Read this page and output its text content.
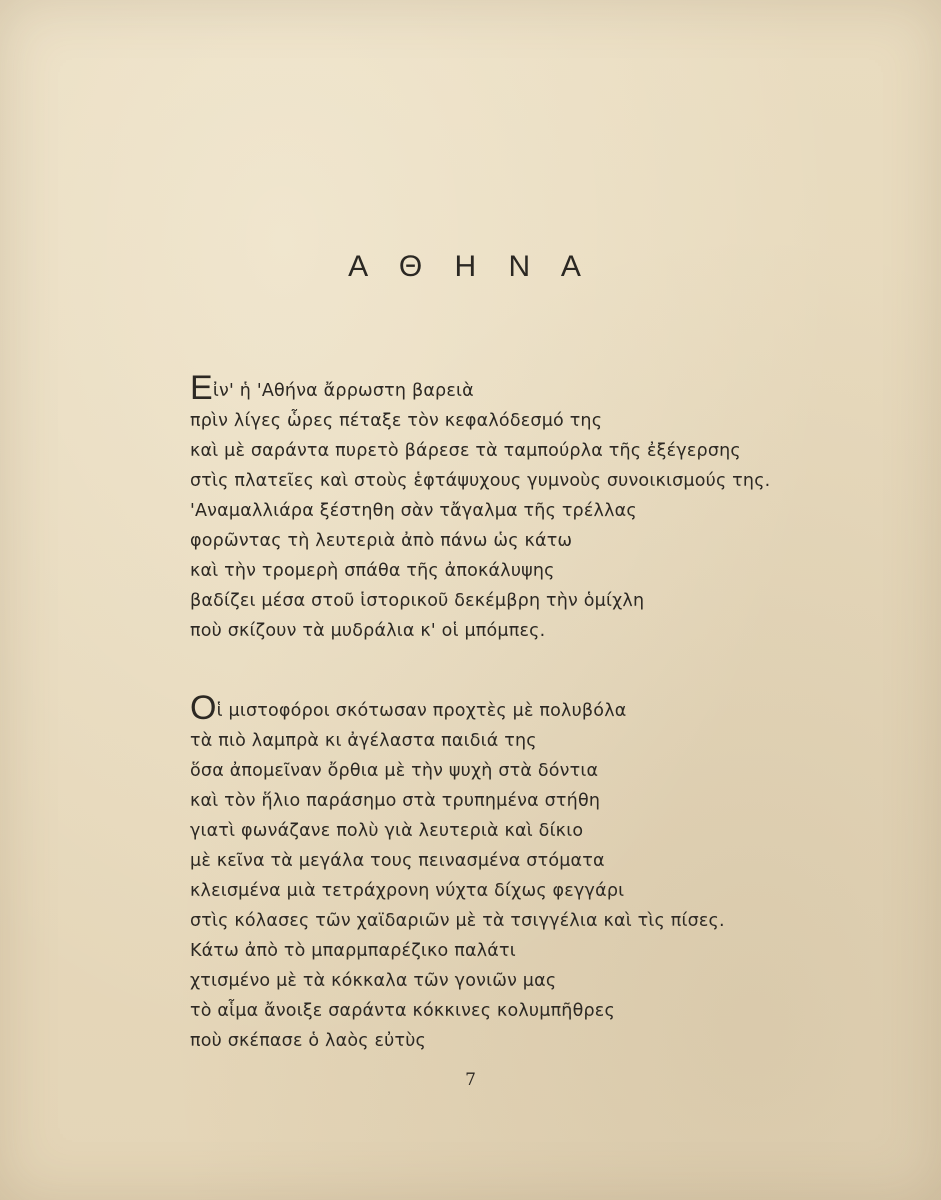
Α Θ Η Ν Α
Εἰν' ἡ 'Αθήνα ἄρρωστη βαρειὰ
πρὶν λίγες ὧρες πέταξε τὸν κεφαλόδεσμό της
καὶ μὲ σαράντα πυρετὸ βάρεσε τὰ ταμπούρλα τῆς ἐξέγερσης
στὶς πλατεῖες καὶ στοὺς ἑφτάψυχους γυμνοὺς συνοικισμούς της.
'Αναμαλλιάρα ξέστηθη σὰν τἄγαλμα τῆς τρέλλας
φορῶντας τὴ λευτεριὰ ἀπὸ πάνω ὡς κάτω
καὶ τὴν τρομερὴ σπάθα τῆς ἀποκάλυψης
βαδίζει μέσα στοῦ ἱστορικοῦ δεκέμβρη τὴν ὁμίχλη
ποὺ σκίζουν τὰ μυδράλια κ' οἱ μπόμπες.
Οἱ μιστοφόροι σκότωσαν προχτὲς μὲ πολυβόλα
τὰ πιὸ λαμπρὰ κι ἀγέλαστα παιδιά της
ὅσα ἀπομεῖναν ὄρθια μὲ τὴν ψυχὴ στὰ δόντια
καὶ τὸν ἥλιο παράσημο στὰ τρυπημένα στήθη
γιατὶ φωνάζανε πολὺ γιὰ λευτεριὰ καὶ δίκιο
μὲ κεῖνα τὰ μεγάλα τους πεινασμένα στόματα
κλεισμένα μιὰ τετράχρονη νύχτα δίχως φεγγάρι
στὶς κόλασες τῶν χαϊδαριῶν μὲ τὰ τσιγγέλια καὶ τὶς πίσες.
Κάτω ἀπὸ τὸ μπαρμπαρέζικο παλάτι
χτισμένο μὲ τὰ κόκκαλα τῶν γονιῶν μας
τὸ αἷμα ἄνοιξε σαράντα κόκκινες κολυμπῆθρες
ποὺ σκέπασε ὁ λαὸς εὐτὺς
7
